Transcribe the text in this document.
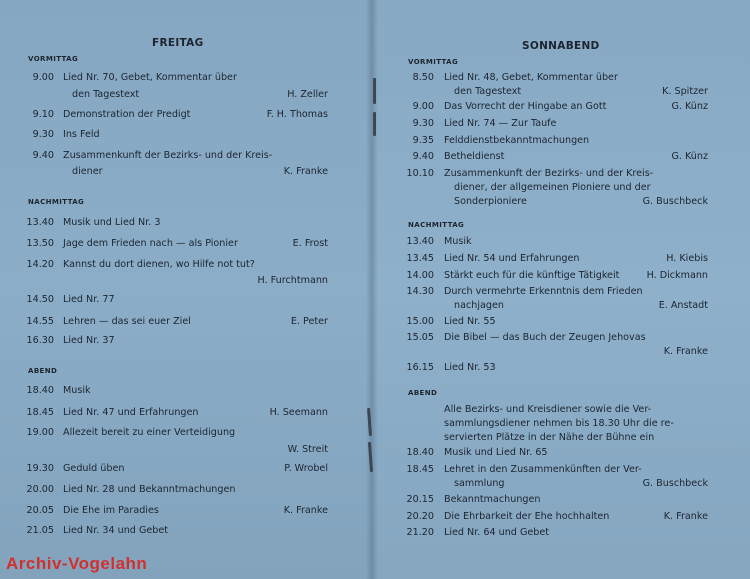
FREITAG
VORMITTAG
NACHMITTAG
ABEND
9.00 Lied Nr. 70, Gebet, Kommentar über
den Tagestext	H. Zeller
9.10 Demonstration der Predigt	F. H. Thomas
9.30 Ins Feld
9.40 Zusammenkunft der Bezirks- und der Kreis-
diener	K. Franke
13.40 Musik und Lied Nr. 3
13.50 Jage dem Frieden nach — als Pionier	E. Frost
14.20 Kannst du dort dienen, wo Hilfe not tut?
H. Furchtmann
14.50 Lied Nr. 77
14.55 Lehren — das sei euer Ziel	E. Peter
16.30 Lied Nr. 37
18.40 Musik
18.45 Lied Nr. 47 und Erfahrungen	H. Seemann
19.00 Allezeit bereit zu einer Verteidigung
W. Streit
19.30 Geduld üben	P. Wrobel
20.00 Lied Nr. 28 und Bekanntmachungen
20.05 Die Ehe im Paradies	K. Franke
21.05 Lied Nr. 34 und Gebet
SONNABEND
VORMITTAG
NACHMITTAG
ABEND
8.50 Lied Nr. 48, Gebet, Kommentar über
den Tagestext	K. Spitzer
9.00 Das Vorrecht der Hingabe an Gott	G. Künz
9.30 Lied Nr. 74 — Zur Taufe
9.35 Felddienstbekanntmachungen
9.40 Betheldienst	G. Künz
10.10 Zusammenkunft der Bezirks- und der Kreis-
diener, der allgemeinen Pioniere und der
Sonderpioniere	G. Buschbeck
13.40 Musik
13.45 Lied Nr. 54 und Erfahrungen	H. Kiebis
14.00 Stärkt euch für die künftige Tätigkeit	H. Dickmann
14.30 Durch vermehrte Erkenntnis dem Frieden
nachjagen	E. Anstadt
15.00 Lied Nr. 55
15.05 Die Bibel — das Buch der Zeugen Jehovas
K. Franke
16.15 Lied Nr. 53
Alle Bezirks- und Kreisdiener sowie die Ver-
sammlungsdiener nehmen bis 18.30 Uhr die re-
servierten Plätze in der Nähe der Bühne ein
18.40 Musik und Lied Nr. 65
18.45 Lehret in den Zusammenkünften der Ver-
sammlung	G. Buschbeck
20.15 Bekanntmachungen
20.20 Die Ehrbarkeit der Ehe hochhalten	K. Franke
21.20 Lied Nr. 64 und Gebet
Archiv-Vogelahn
